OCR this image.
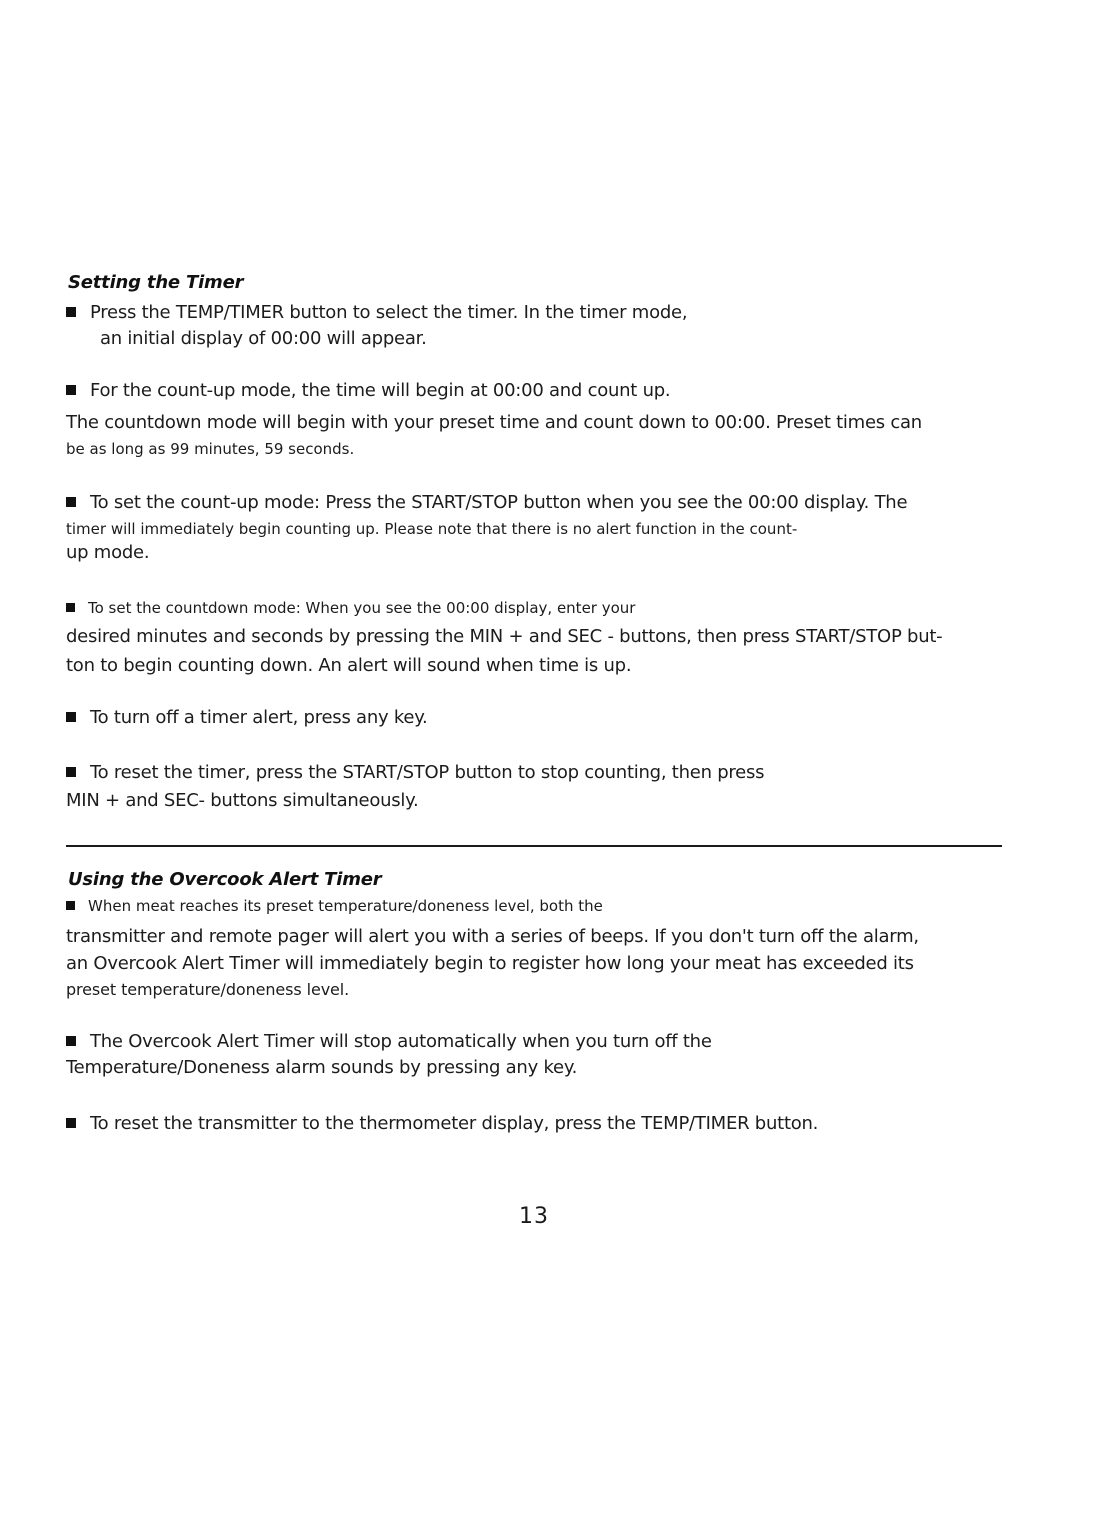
Setting the Timer
Press the TEMP/TIMER button to select the timer. In the timer mode,
an initial display of 00:00 will appear.
For the count-up mode, the time will begin at 00:00 and count up.
The countdown mode will begin with your preset time and count down to 00:00. Preset times can
be as long as 99 minutes, 59 seconds.
To set the count-up mode: Press the START/STOP button when you see the 00:00 display. The
timer will immediately begin counting up. Please note that there is no alert function in the count-
up mode.
To set the countdown mode: When you see the 00:00 display, enter your
desired minutes and seconds by pressing the MIN + and SEC - buttons, then press START/STOP but-
ton to begin counting down. An alert will sound when time is up.
To turn off a timer alert, press any key.
To reset the timer, press the START/STOP button to stop counting, then press
MIN + and SEC- buttons simultaneously.
Using the Overcook Alert Timer
When meat reaches its preset temperature/doneness level, both the
transmitter and remote pager will alert you with a series of beeps. If you don't turn off the alarm,
an Overcook Alert Timer will immediately begin to register how long your meat has exceeded its
preset temperature/doneness level.
The Overcook Alert Timer will stop automatically when you turn off the
Temperature/Doneness alarm sounds by pressing any key.
To reset the transmitter to the thermometer display, press the TEMP/TIMER button.
13
